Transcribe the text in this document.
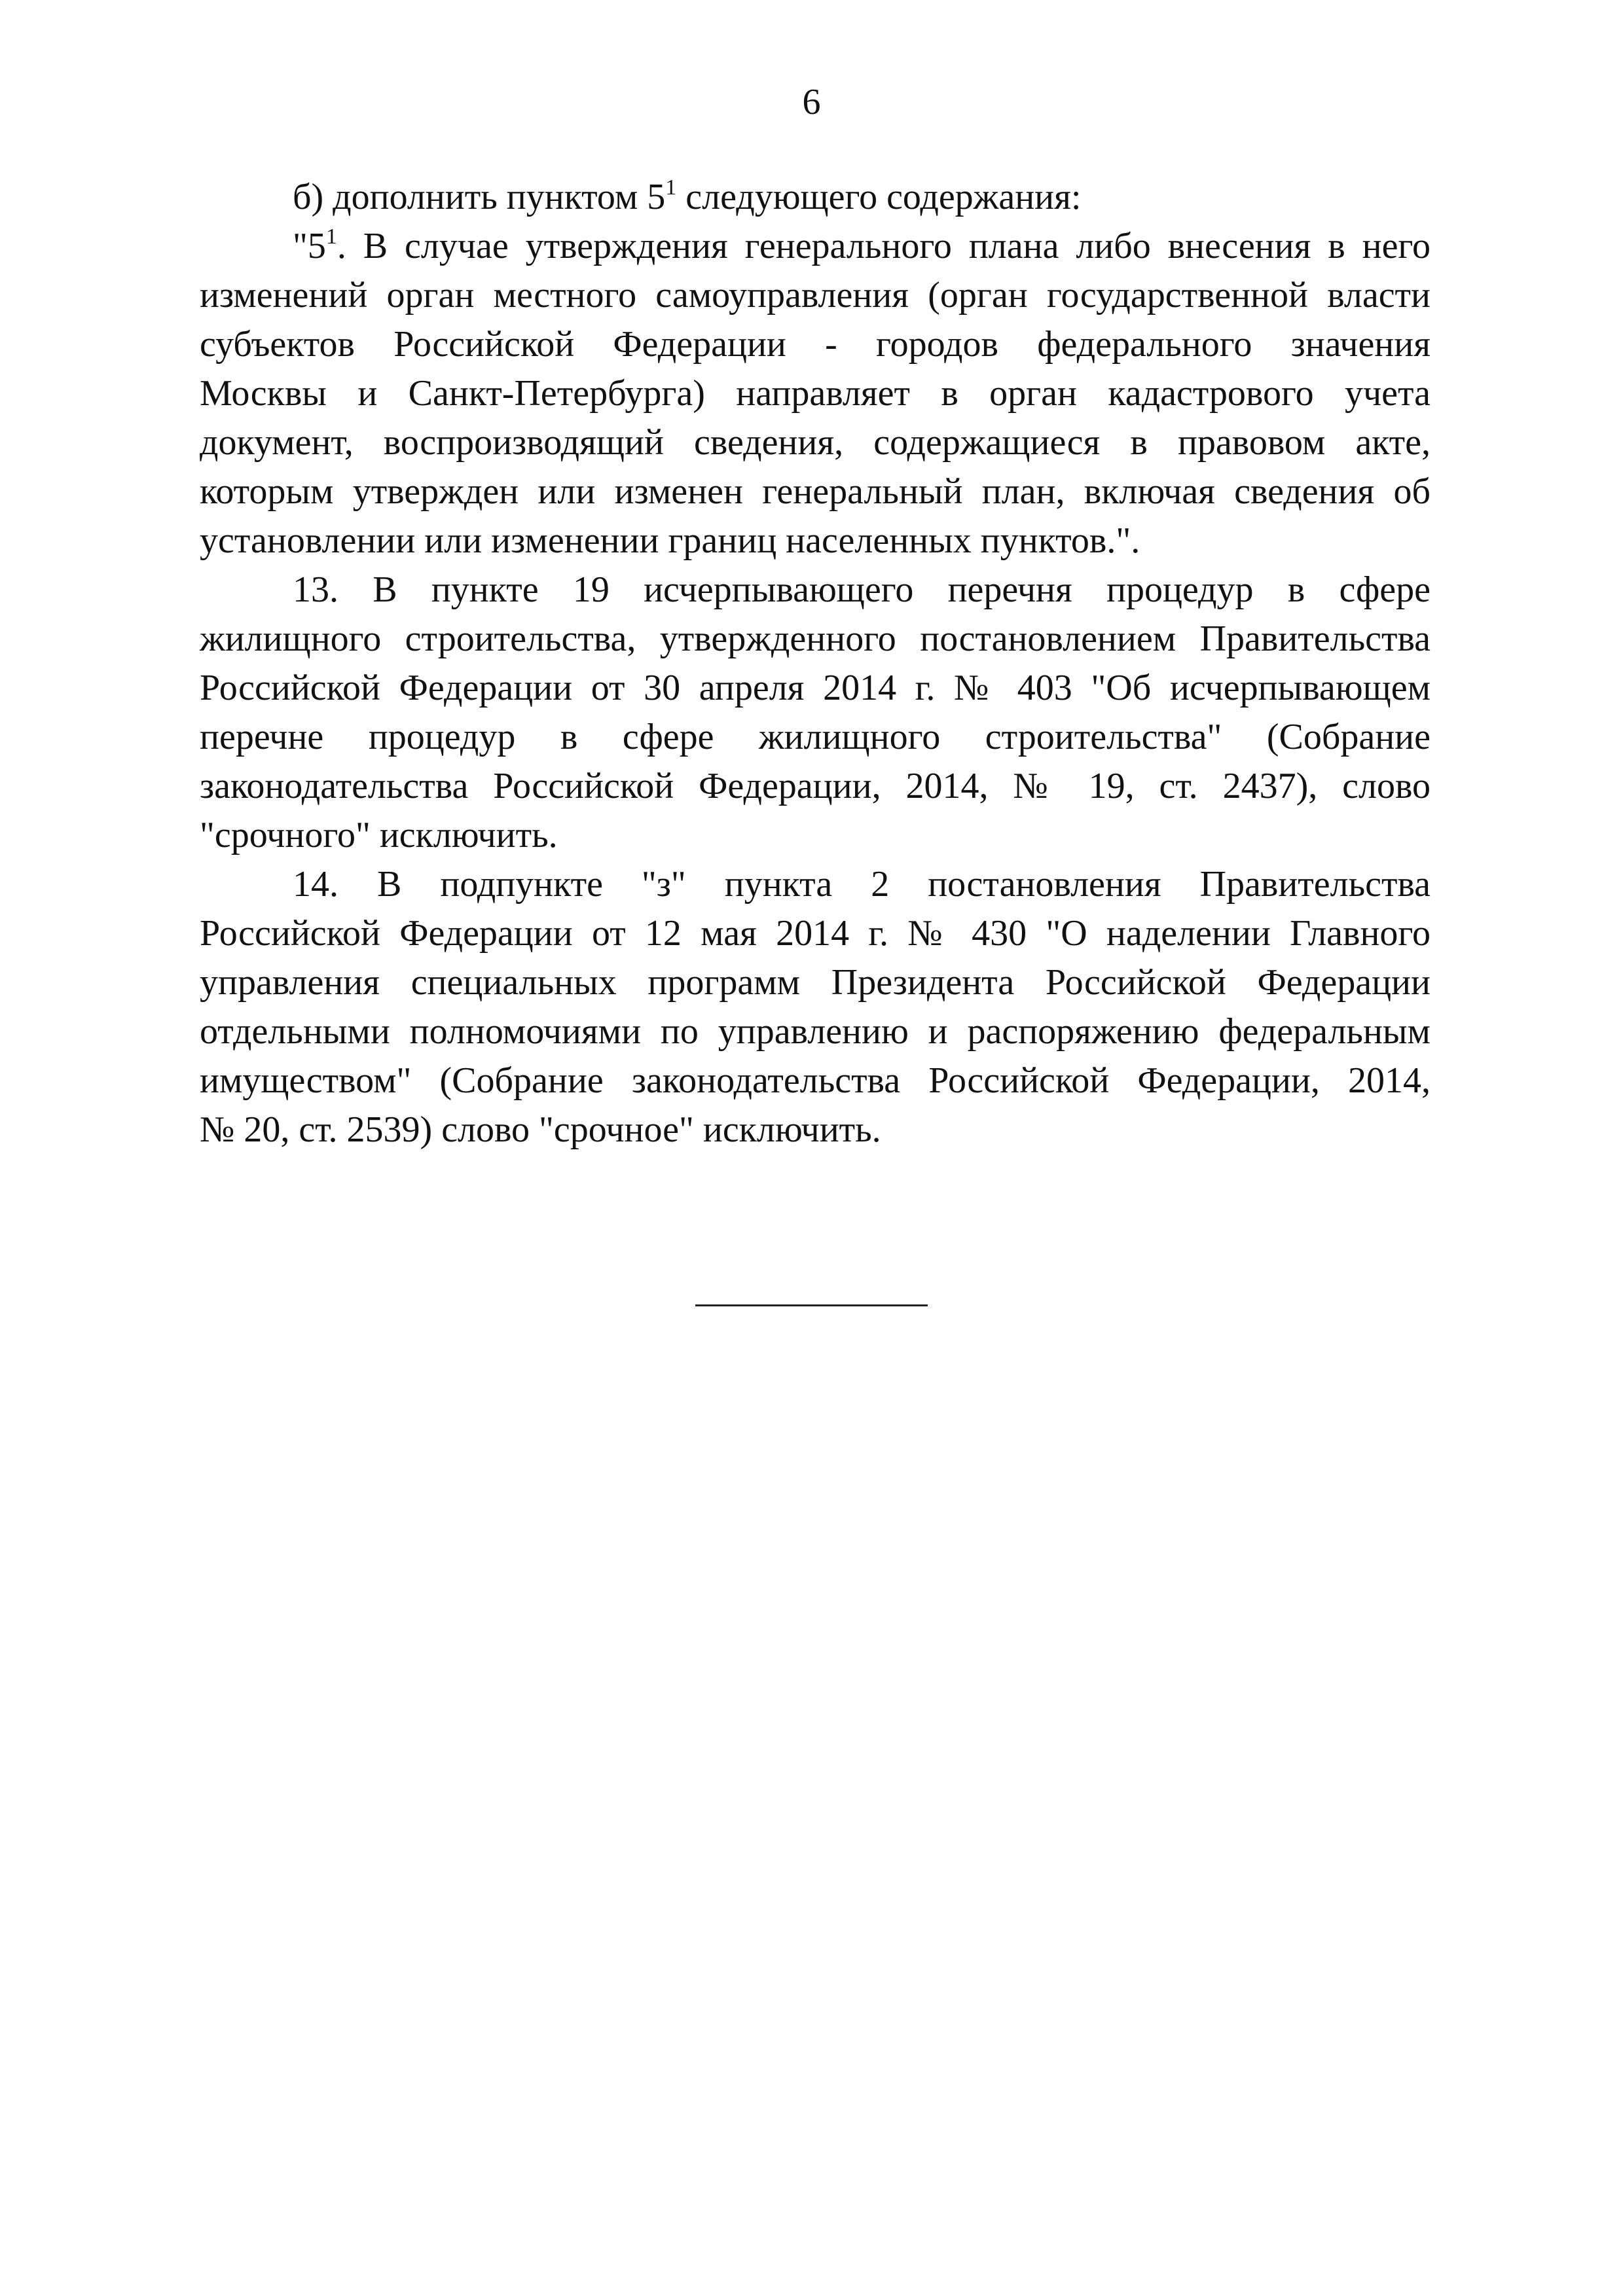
6
б) дополнить пунктом $5^1$ следующего содержания:
"$5^1$. В случае утверждения генерального плана либо внесения в него
изменений орган местного самоуправления (орган государственной власти
субъектов Российской Федерации - городов федерального значения
Москвы и Санкт-Петербурга) направляет в орган кадастрового учета
документ, воспроизводящий сведения, содержащиеся в правовом акте,
которым утвержден или изменен генеральный план, включая сведения об
установлении или изменении границ населенных пунктов.".
13. В пункте 19 исчерпывающего перечня процедур в сфере
жилищного строительства, утвержденного постановлением Правительства
Российской Федерации от 30 апреля 2014 г. № 403 "Об исчерпывающем
перечне процедур в сфере жилищного строительства" (Собрание
законодательства Российской Федерации, 2014, № 19, ст. 2437), слово
"срочного" исключить.
14. В подпункте "з" пункта 2 постановления Правительства
Российской Федерации от 12 мая 2014 г. № 430 "О наделении Главного
управления специальных программ Президента Российской Федерации
отдельными полномочиями по управлению и распоряжению федеральным
имуществом" (Собрание законодательства Российской Федерации, 2014,
№ 20, ст. 2539) слово "срочное" исключить.
